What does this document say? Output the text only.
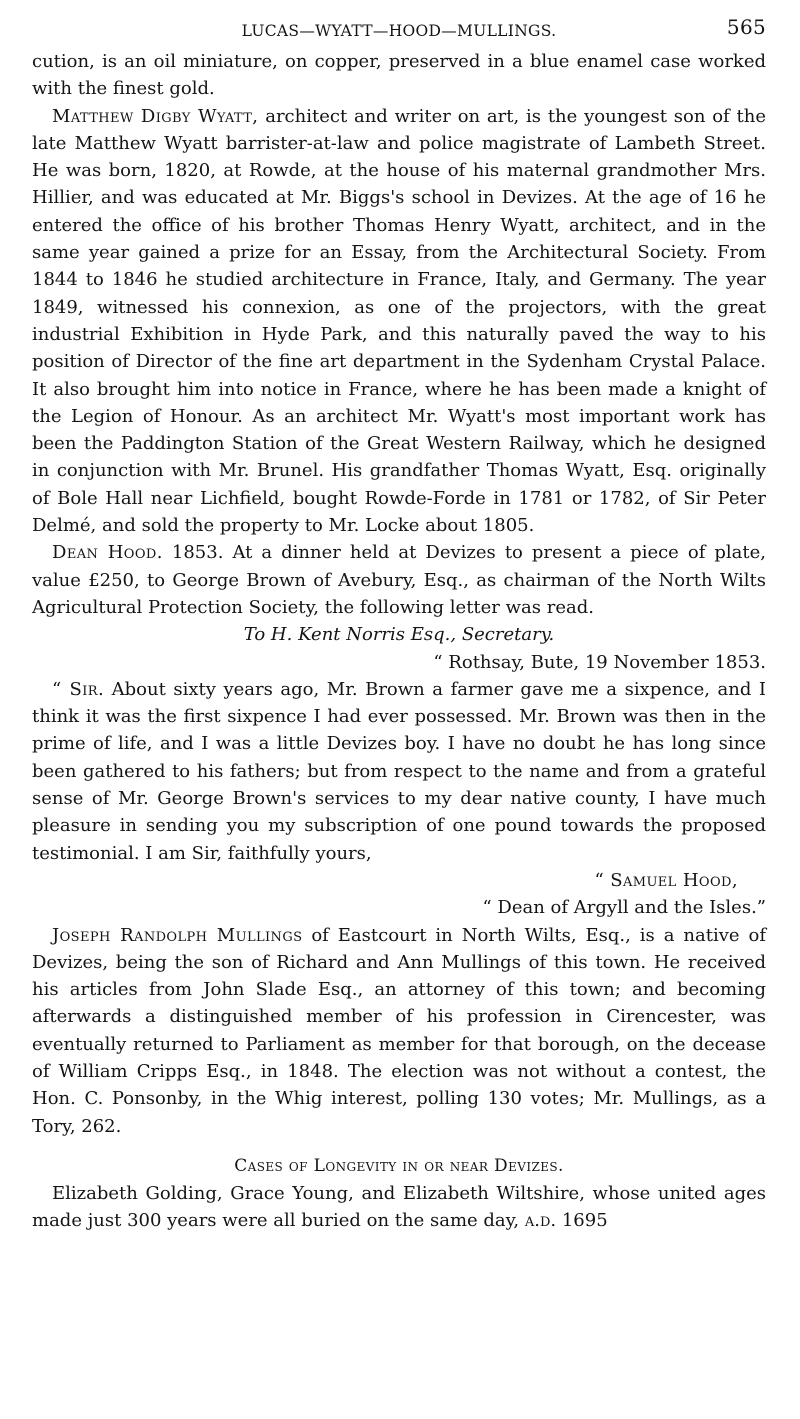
LUCAS—WYATT—HOOD—MULLINGS.	565

cution, is an oil miniature, on copper, preserved in a blue enamel case worked with the finest gold.

Matthew Digby Wyatt, architect and writer on art, is the youngest son of the late Matthew Wyatt barrister-at-law and police magistrate of Lambeth Street. He was born, 1820, at Rowde, at the house of his maternal grandmother Mrs. Hillier, and was educated at Mr. Biggs's school in Devizes. At the age of 16 he entered the office of his brother Thomas Henry Wyatt, architect, and in the same year gained a prize for an Essay, from the Architectural Society. From 1844 to 1846 he studied architecture in France, Italy, and Germany. The year 1849, witnessed his connexion, as one of the projectors, with the great industrial Exhibition in Hyde Park, and this naturally paved the way to his position of Director of the fine art department in the Sydenham Crystal Palace. It also brought him into notice in France, where he has been made a knight of the Legion of Honour. As an architect Mr. Wyatt's most important work has been the Paddington Station of the Great Western Railway, which he designed in conjunction with Mr. Brunel. His grandfather Thomas Wyatt, Esq. originally of Bole Hall near Lichfield, bought Rowde-Forde in 1781 or 1782, of Sir Peter Delmé, and sold the property to Mr. Locke about 1805.

Dean Hood. 1853. At a dinner held at Devizes to present a piece of plate, value £250, to George Brown of Avebury, Esq., as chairman of the North Wilts Agricultural Protection Society, the following letter was read.

To H. Kent Norris Esq., Secretary.

“ Rothsay, Bute, 19 November 1853.

“ Sir. About sixty years ago, Mr. Brown a farmer gave me a sixpence, and I think it was the first sixpence I had ever possessed. Mr. Brown was then in the prime of life, and I was a little Devizes boy. I have no doubt he has long since been gathered to his fathers; but from respect to the name and from a grateful sense of Mr. George Brown's services to my dear native county, I have much pleasure in sending you my subscription of one pound towards the proposed testimonial. I am Sir, faithfully yours,

“ Samuel Hood,

“ Dean of Argyll and the Isles.”

Joseph Randolph Mullings of Eastcourt in North Wilts, Esq., is a native of Devizes, being the son of Richard and Ann Mullings of this town. He received his articles from John Slade Esq., an attorney of this town; and becoming afterwards a distinguished member of his profession in Cirencester, was eventually returned to Parliament as member for that borough, on the decease of William Cripps Esq., in 1848. The election was not without a contest, the Hon. C. Ponsonby, in the Whig interest, polling 130 votes; Mr. Mullings, as a Tory, 262.

Cases of Longevity in or near Devizes.

Elizabeth Golding, Grace Young, and Elizabeth Wiltshire, whose united ages made just 300 years were all buried on the same day, a.d. 1695
